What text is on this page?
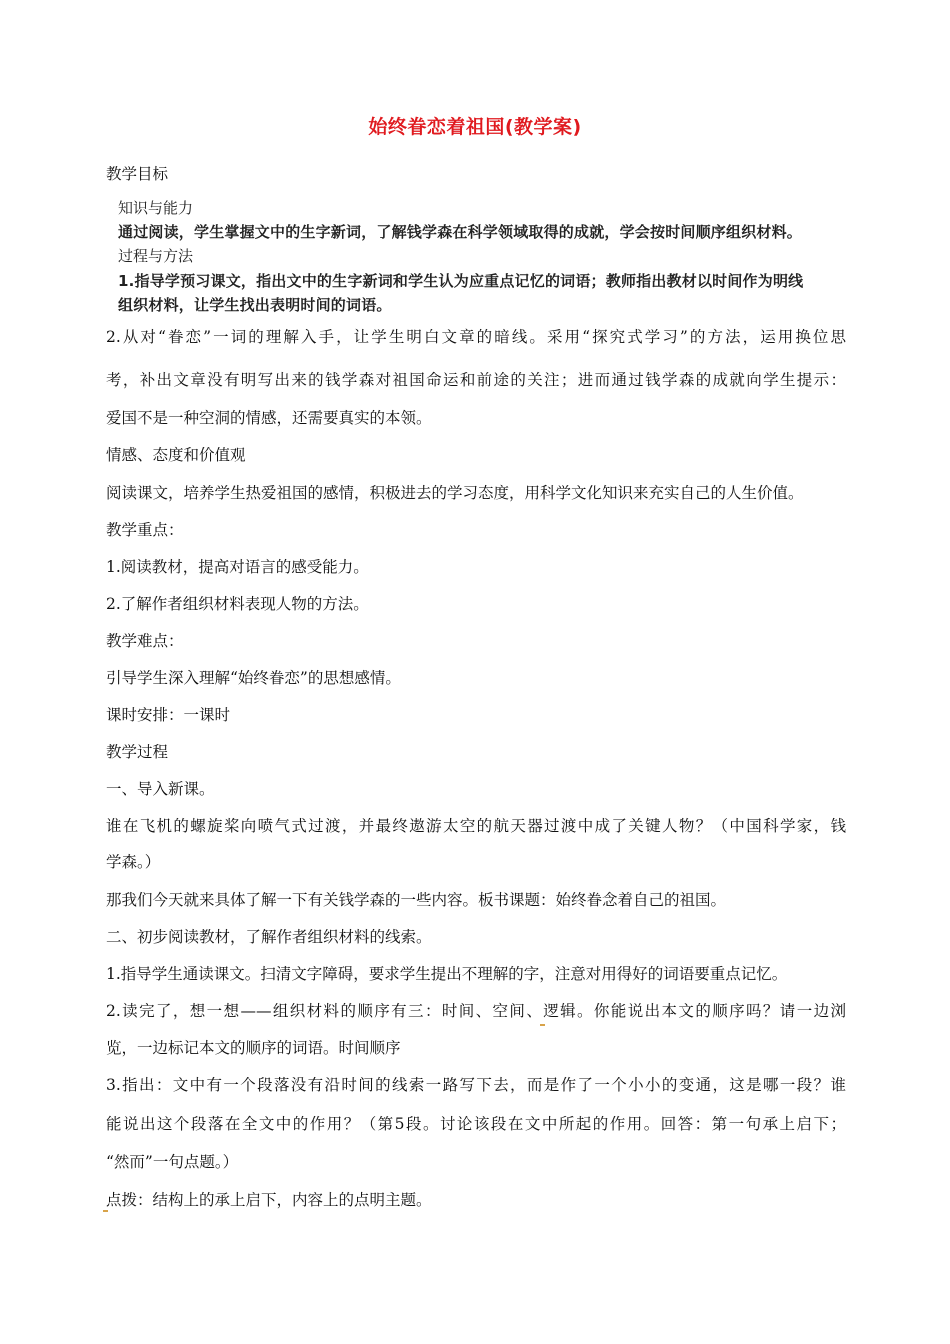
始终眷恋着祖国(教学案)
教学目标
知识与能力
通过阅读，学生掌握文中的生字新词，了解钱学森在科学领域取得的成就，学会按时间顺序组织材料。
过程与方法
1.指导学预习课文，指出文中的生字新词和学生认为应重点记忆的词语；教师指出教材以时间作为明线
组织材料，让学生找出表明时间的词语。
2.从对“眷恋”一词的理解入手，让学生明白文章的暗线。采用“探究式学习”的方法，运用换位思
考，补出文章没有明写出来的钱学森对祖国命运和前途的关注；进而通过钱学森的成就向学生提示：
爱国不是一种空洞的情感，还需要真实的本领。
情感、态度和价值观
阅读课文，培养学生热爱祖国的感情，积极进去的学习态度，用科学文化知识来充实自己的人生价值。
教学重点：
1.阅读教材，提高对语言的感受能力。
2.了解作者组织材料表现人物的方法。
教学难点：
引导学生深入理解“始终眷恋”的思想感情。
课时安排：一课时
教学过程
一、导入新课。
谁在飞机的螺旋桨向喷气式过渡，并最终遨游太空的航天器过渡中成了关键人物？（中国科学家，钱
学森。）
那我们今天就来具体了解一下有关钱学森的一些内容。板书课题：始终眷念着自己的祖国。
二、初步阅读教材，了解作者组织材料的线索。
1.指导学生通读课文。扫清文字障碍，要求学生提出不理解的字，注意对用得好的词语要重点记忆。
2.读完了，想一想——组织材料的顺序有三：时间、空间、逻辑。你能说出本文的顺序吗？请一边浏
览，一边标记本文的顺序的词语。时间顺序
3.指出：文中有一个段落没有沿时间的线索一路写下去，而是作了一个小小的变通，这是哪一段？谁
能说出这个段落在全文中的作用？（第5段。讨论该段在文中所起的作用。回答：第一句承上启下；
“然而”一句点题。）
点拨：结构上的承上启下，内容上的点明主题。
